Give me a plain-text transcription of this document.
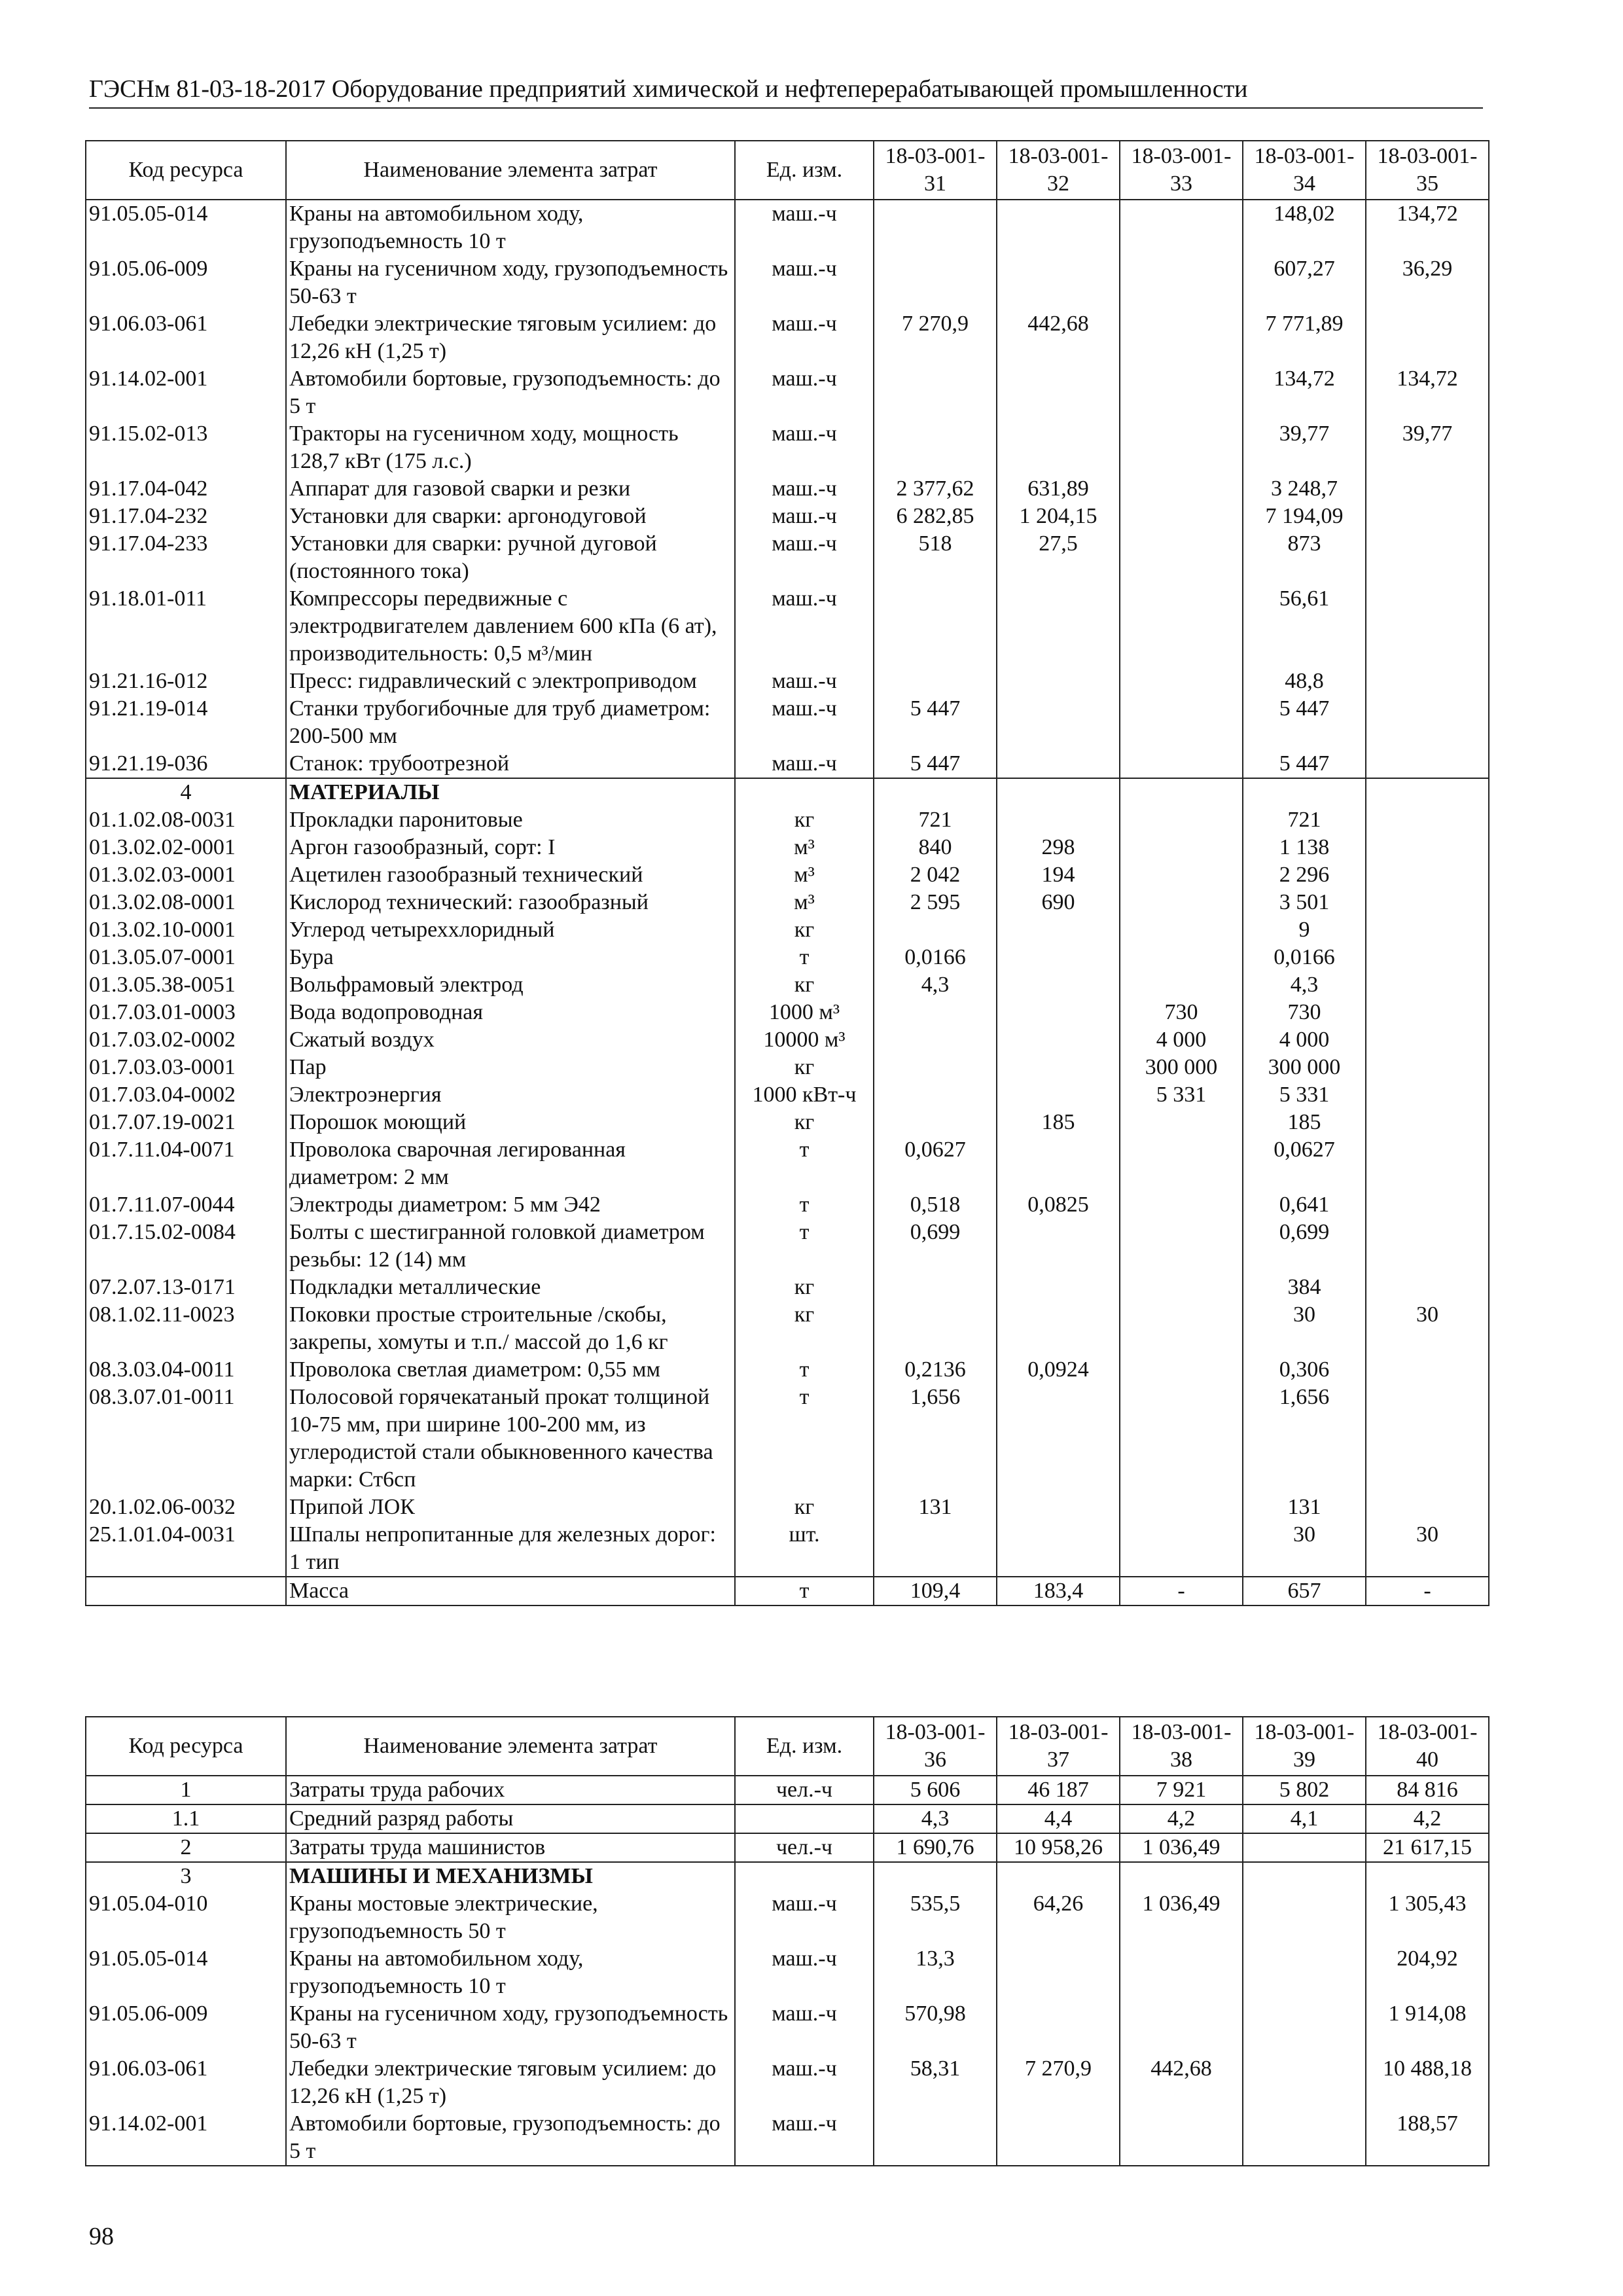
ГЭСНм 81-03-18-2017 Оборудование предприятий химической и нефтеперерабатывающей промышленности
Код ресурса	Наименование элемента затрат	Ед. изм.	18-03-001-31	18-03-001-32	18-03-001-33	18-03-001-34	18-03-001-35
91.05.05-014	Краны на автомобильном ходу, грузоподъемность 10 т	маш.-ч				148,02	134,72
91.05.06-009	Краны на гусеничном ходу, грузоподъемность 50-63 т	маш.-ч				607,27	36,29
91.06.03-061	Лебедки электрические тяговым усилием: до 12,26 кН (1,25 т)	маш.-ч	7 270,9	442,68		7 771,89	
91.14.02-001	Автомобили бортовые, грузоподъемность: до 5 т	маш.-ч				134,72	134,72
91.15.02-013	Тракторы на гусеничном ходу, мощность 128,7 кВт (175 л.с.)	маш.-ч				39,77	39,77
91.17.04-042	Аппарат для газовой сварки и резки	маш.-ч	2 377,62	631,89		3 248,7	
91.17.04-232	Установки для сварки: аргонодуговой	маш.-ч	6 282,85	1 204,15		7 194,09	
91.17.04-233	Установки для сварки: ручной дуговой (постоянного тока)	маш.-ч	518	27,5		873	
91.18.01-011	Компрессоры передвижные с электродвигателем давлением 600 кПа (6 ат), производительность: 0,5 м³/мин	маш.-ч				56,61	
91.21.16-012	Пресс: гидравлический с электроприводом	маш.-ч				48,8	
91.21.19-014	Станки трубогибочные для труб диаметром: 200-500 мм	маш.-ч	5 447			5 447	
91.21.19-036	Станок: трубоотрезной	маш.-ч	5 447			5 447	
4	МАТЕРИАЛЫ						
01.1.02.08-0031	Прокладки паронитовые	кг	721			721	
01.3.02.02-0001	Аргон газообразный, сорт: I	м³	840	298		1 138	
01.3.02.03-0001	Ацетилен газообразный технический	м³	2 042	194		2 296	
01.3.02.08-0001	Кислород технический: газообразный	м³	2 595	690		3 501	
01.3.02.10-0001	Углерод четыреххлоридный	кг				9	
01.3.05.07-0001	Бура	т	0,0166			0,0166	
01.3.05.38-0051	Вольфрамовый электрод	кг	4,3			4,3	
01.7.03.01-0003	Вода водопроводная	1000 м³			730	730	
01.7.03.02-0002	Сжатый воздух	10000 м³			4 000	4 000	
01.7.03.03-0001	Пар	кг			300 000	300 000	
01.7.03.04-0002	Электроэнергия	1000 кВт-ч			5 331	5 331	
01.7.07.19-0021	Порошок моющий	кг		185		185	
01.7.11.04-0071	Проволока сварочная легированная диаметром: 2 мм	т	0,0627			0,0627	
01.7.11.07-0044	Электроды диаметром: 5 мм Э42	т	0,518	0,0825		0,641	
01.7.15.02-0084	Болты с шестигранной головкой диаметром резьбы: 12 (14) мм	т	0,699			0,699	
07.2.07.13-0171	Подкладки металлические	кг				384	
08.1.02.11-0023	Поковки простые строительные /скобы, закрепы, хомуты и т.п./ массой до 1,6 кг	кг				30	30
08.3.03.04-0011	Проволока светлая диаметром: 0,55 мм	т	0,2136	0,0924		0,306	
08.3.07.01-0011	Полосовой горячекатаный прокат толщиной 10-75 мм, при ширине 100-200 мм, из углеродистой стали обыкновенного качества марки: Ст6сп	т	1,656			1,656	
20.1.02.06-0032	Припой ЛОК	кг	131			131	
25.1.01.04-0031	Шпалы непропитанные для железных дорог: 1 тип	шт.				30	30
	Масса	т	109,4	183,4	-	657	-
Код ресурса	Наименование элемента затрат	Ед. изм.	18-03-001-36	18-03-001-37	18-03-001-38	18-03-001-39	18-03-001-40
1	Затраты труда рабочих	чел.-ч	5 606	46 187	7 921	5 802	84 816
1.1	Средний разряд работы		4,3	4,4	4,2	4,1	4,2
2	Затраты труда машинистов	чел.-ч	1 690,76	10 958,26	1 036,49		21 617,15
3	МАШИНЫ И МЕХАНИЗМЫ						
91.05.04-010	Краны мостовые электрические, грузоподъемность 50 т	маш.-ч	535,5	64,26	1 036,49		1 305,43
91.05.05-014	Краны на автомобильном ходу, грузоподъемность 10 т	маш.-ч	13,3				204,92
91.05.06-009	Краны на гусеничном ходу, грузоподъемность 50-63 т	маш.-ч	570,98				1 914,08
91.06.03-061	Лебедки электрические тяговым усилием: до 12,26 кН (1,25 т)	маш.-ч	58,31	7 270,9	442,68		10 488,18
91.14.02-001	Автомобили бортовые, грузоподъемность: до 5 т	маш.-ч					188,57
98
